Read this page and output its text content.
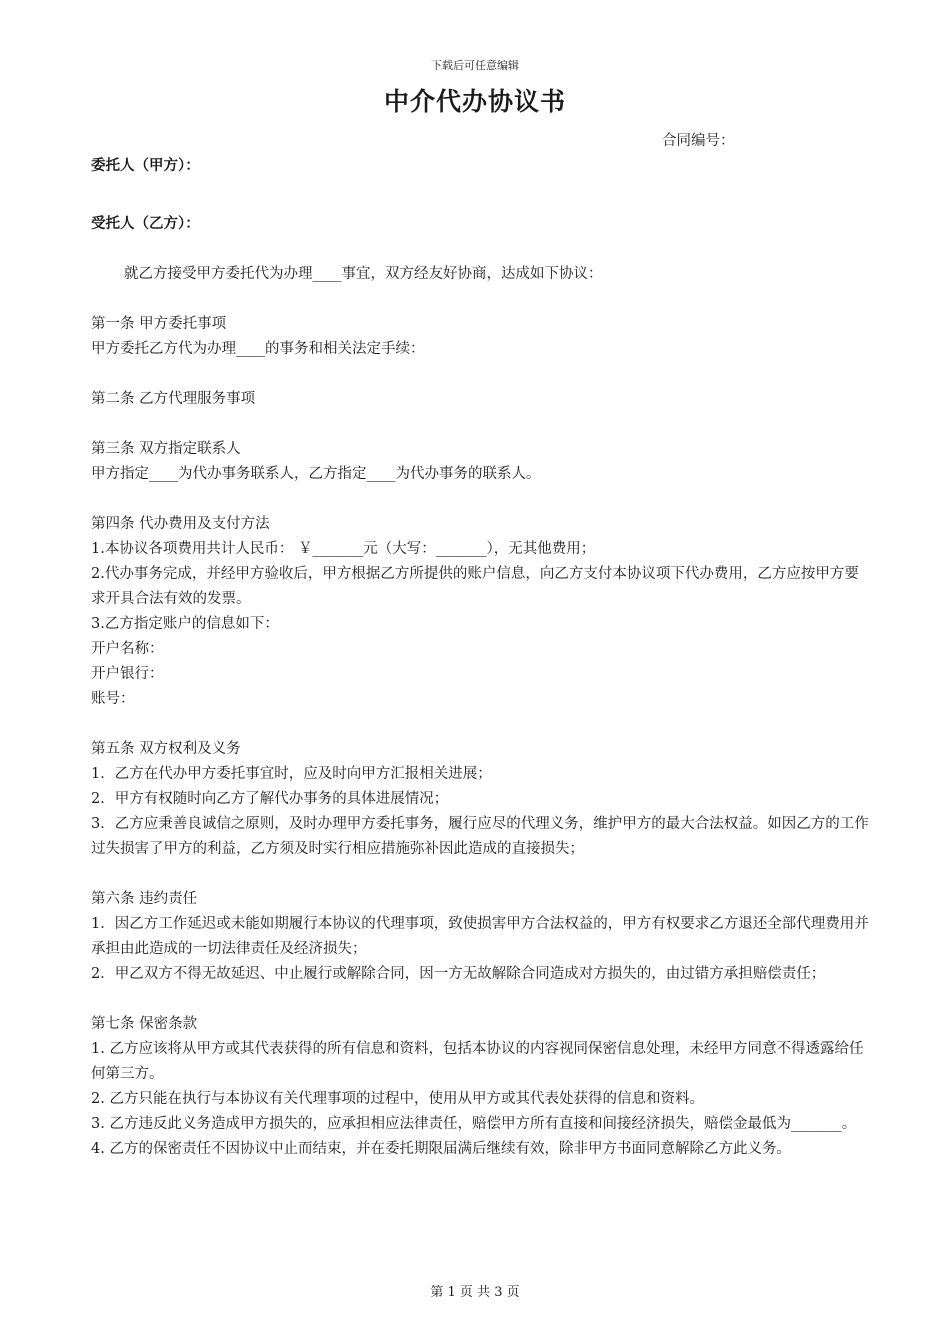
下载后可任意编辑
中介代办协议书
合同编号：
委托人（甲方）：
受托人（乙方）：

就乙方接受甲方委托代为办理____事宜，双方经友好协商，达成如下协议：

第一条 甲方委托事项

甲方委托乙方代为办理____的事务和相关法定手续：

第二条 乙方代理服务事项

第三条 双方指定联系人

甲方指定____为代办事务联系人，乙方指定____为代办事务的联系人。

第四条 代办费用及支付方法

1.本协议各项费用共计人民币： ￥_______元（大写：_______），无其他费用；

2.代办事务完成，并经甲方验收后，甲方根据乙方所提供的账户信息，向乙方支付本协议项下代办费用，乙方应按甲方要求开具合法有效的发票。

3.乙方指定账户的信息如下：

开户名称：

开户银行：

账号：

第五条 双方权利及义务

1．乙方在代办甲方委托事宜时，应及时向甲方汇报相关进展；

2．甲方有权随时向乙方了解代办事务的具体进展情况；

3．乙方应秉善良诚信之原则，及时办理甲方委托事务，履行应尽的代理义务，维护甲方的最大合法权益。如因乙方的工作过失损害了甲方的利益，乙方须及时实行相应措施弥补因此造成的直接损失；

第六条 违约责任

1．因乙方工作延迟或未能如期履行本协议的代理事项，致使损害甲方合法权益的，甲方有权要求乙方退还全部代理费用并承担由此造成的一切法律责任及经济损失；

2．甲乙双方不得无故延迟、中止履行或解除合同，因一方无故解除合同造成对方损失的，由过错方承担赔偿责任；

第七条 保密条款

1. 乙方应该将从甲方或其代表获得的所有信息和资料，包括本协议的内容视同保密信息处理，未经甲方同意不得透露给任何第三方。

2. 乙方只能在执行与本协议有关代理事项的过程中，使用从甲方或其代表处获得的信息和资料。

3. 乙方违反此义务造成甲方损失的，应承担相应法律责任，赔偿甲方所有直接和间接经济损失，赔偿金最低为_______。

4. 乙方的保密责任不因协议中止而结束，并在委托期限届满后继续有效，除非甲方书面同意解除乙方此义务。

第 1 页 共 3 页
